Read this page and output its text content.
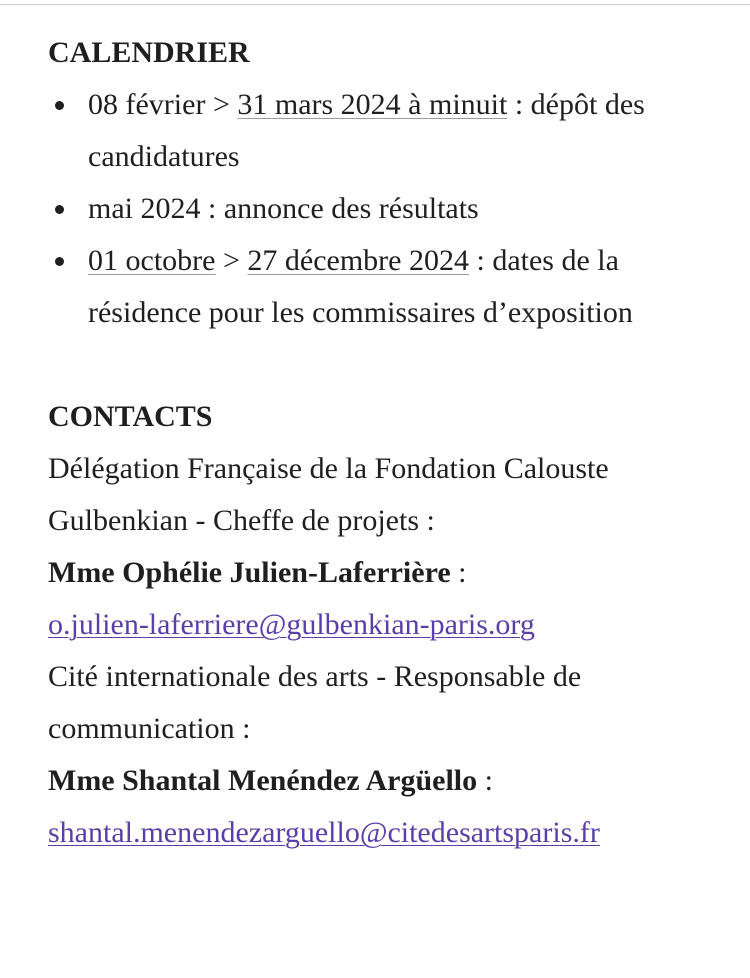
CALENDRIER
08 février > 31 mars 2024 à minuit : dépôt des candidatures
mai 2024 : annonce des résultats
01 octobre > 27 décembre 2024 : dates de la résidence pour les commissaires d’exposition
CONTACTS
Délégation Française de la Fondation Calouste Gulbenkian - Cheffe de projets :
Mme Ophélie Julien-Laferrière :
o.julien-laferriere@gulbenkian-paris.org
Cité internationale des arts - Responsable de communication :
Mme Shantal Menéndez Argüello :
shantal.menendezarguello@citedesartsparis.fr
